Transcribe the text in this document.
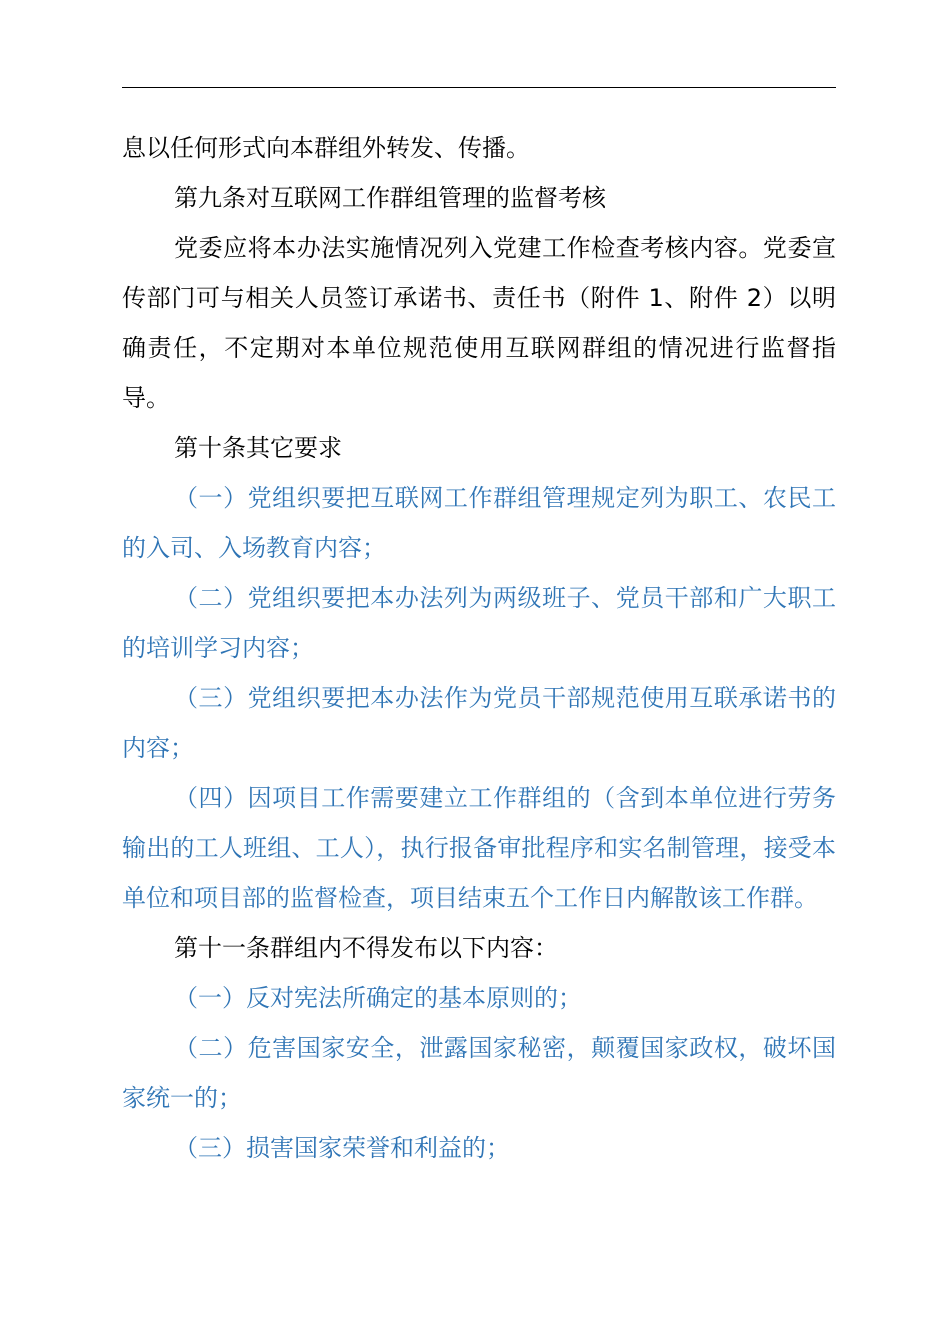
息以任何形式向本群组外转发、传播。

第九条对互联网工作群组管理的监督考核

党委应将本办法实施情况列入党建工作检查考核内容。党委宣传部门可与相关人员签订承诺书、责任书（附件 1、附件 2）以明确责任，不定期对本单位规范使用互联网群组的情况进行监督指导。

第十条其它要求

（一）党组织要把互联网工作群组管理规定列为职工、农民工的入司、入场教育内容；

（二）党组织要把本办法列为两级班子、党员干部和广大职工的培训学习内容；

（三）党组织要把本办法作为党员干部规范使用互联承诺书的内容；

（四）因项目工作需要建立工作群组的（含到本单位进行劳务输出的工人班组、工人），执行报备审批程序和实名制管理，接受本单位和项目部的监督检查，项目结束五个工作日内解散该工作群。

第十一条群组内不得发布以下内容：

（一）反对宪法所确定的基本原则的；

（二）危害国家安全，泄露国家秘密，颠覆国家政权，破坏国家统一的；

（三）损害国家荣誉和利益的；
